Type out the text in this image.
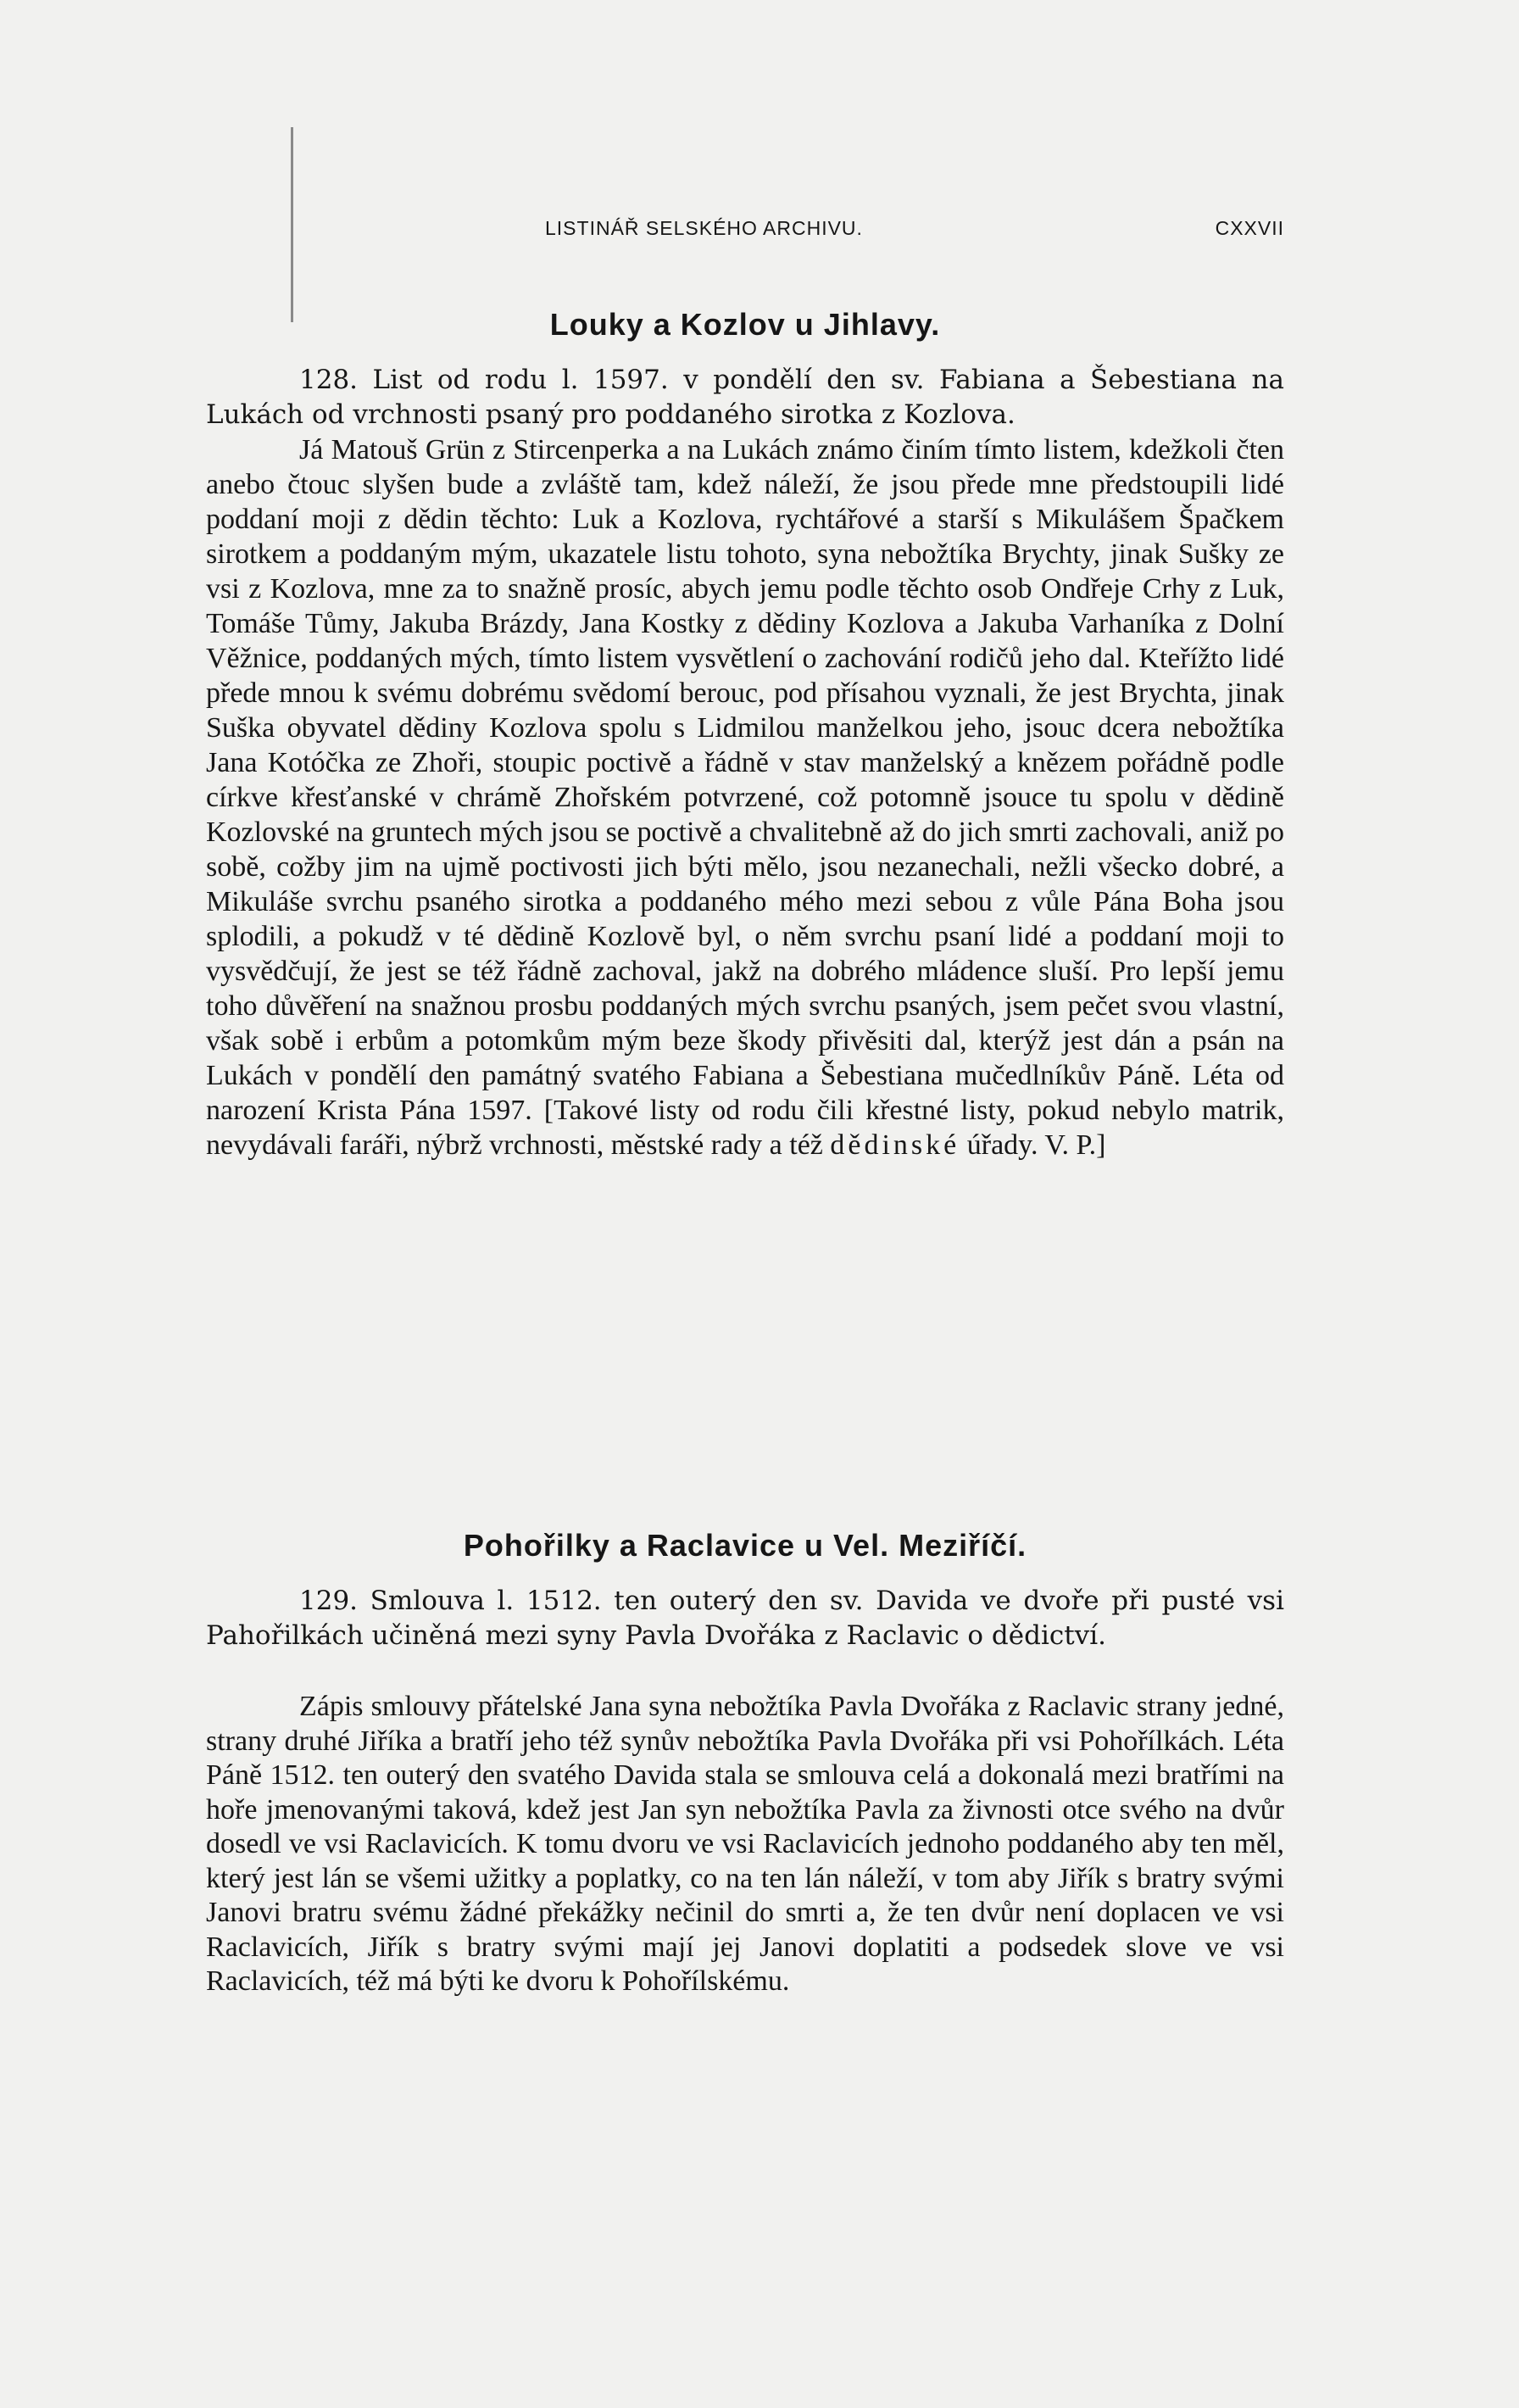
LISTINÁŘ SELSKÉHO ARCHIVU.	CXXVII
Louky a Kozlov u Jihlavy.

128. List od rodu l. 1597. v pondělí den sv. Fabiana a Šebestiana na Lukách od vrchnosti psaný pro poddaného sirotka z Kozlova.

Já Matouš Grün z Stircenperka a na Lukách známo činím tímto listem, kdežkoli čten anebo čtouc slyšen bude a zvláště tam, kdež náleží, že jsou přede mne předstoupili lidé poddaní moji z dědin těchto: Luk a Kozlova, rychtářové a starší s Mikulášem Špačkem sirotkem a poddaným mým, ukazatele listu tohoto, syna nebožtíka Brychty, jinak Sušky ze vsi z Kozlova, mne za to snažně prosíc, abych jemu podle těchto osob Ondřeje Crhy z Luk, Tomáše Tůmy, Jakuba Brázdy, Jana Kostky z dědiny Kozlova a Jakuba Varhaníka z Dolní Věžnice, poddaných mých, tímto listem vysvětlení o zachování rodičů jeho dal. Kteřížto lidé přede mnou k svému dobrému svědomí berouc, pod přísahou vyznali, že jest Brychta, jinak Suška obyvatel dědiny Kozlova spolu s Lidmilou manželkou jeho, jsouc dcera nebožtíka Jana Kotóčka ze Zhoři, stoupic poctivě a řádně v stav manželský a knězem pořádně podle církve křesťanské v chrámě Zhořském potvrzené, což potomně jsouce tu spolu v dědině Kozlovské na gruntech mých jsou se poctivě a chvalitebně až do jich smrti zachovali, aniž po sobě, cožby jim na ujmě poctivosti jich býti mělo, jsou nezanechali, nežli všecko dobré, a Mikuláše svrchu psaného sirotka a poddaného mého mezi sebou z vůle Pána Boha jsou splodili, a pokudž v té dědině Kozlově byl, o něm svrchu psaní lidé a poddaní moji to vysvědčují, že jest se též řádně zachoval, jakž na dobrého mládence sluší. Pro lepší jemu toho důvěření na snažnou prosbu poddaných mých svrchu psaných, jsem pečet svou vlastní, však sobě i erbům a potomkům mým beze škody přivěsiti dal, kterýž jest dán a psán na Lukách v pondělí den památný svatého Fabiana a Šebestiana mučedlníkův Páně. Léta od narození Krista Pána 1597. [Takové listy od rodu čili křestné listy, pokud nebylo matrik, nevydávali faráři, nýbrž vrchnosti, městské rady a též dědinské úřady. V. P.]

Pohořilky a Raclavice u Vel. Meziříčí.

129. Smlouva l. 1512. ten outerý den sv. Davida ve dvoře při pusté vsi Pahořilkách učiněná mezi syny Pavla Dvořáka z Raclavic o dědictví.

Zápis smlouvy přátelské Jana syna nebožtíka Pavla Dvořáka z Raclavic strany jedné, strany druhé Jiříka a bratří jeho též synův nebožtíka Pavla Dvořáka při vsi Pohořílkách. Léta Páně 1512. ten outerý den svatého Davida stala se smlouva celá a dokonalá mezi bratřími na hoře jmenovanými taková, kdež jest Jan syn nebožtíka Pavla za živnosti otce svého na dvůr dosedl ve vsi Raclavicích. K tomu dvoru ve vsi Raclavicích jednoho poddaného aby ten měl, který jest lán se všemi užitky a poplatky, co na ten lán náleží, v tom aby Jiřík s bratry svými Janovi bratru svému žádné překážky nečinil do smrti a, že ten dvůr není doplacen ve vsi Raclavicích, Jiřík s bratry svými mají jej Janovi doplatiti a podsedek slove ve vsi Raclavicích, též má býti ke dvoru k Pohořílskému.
